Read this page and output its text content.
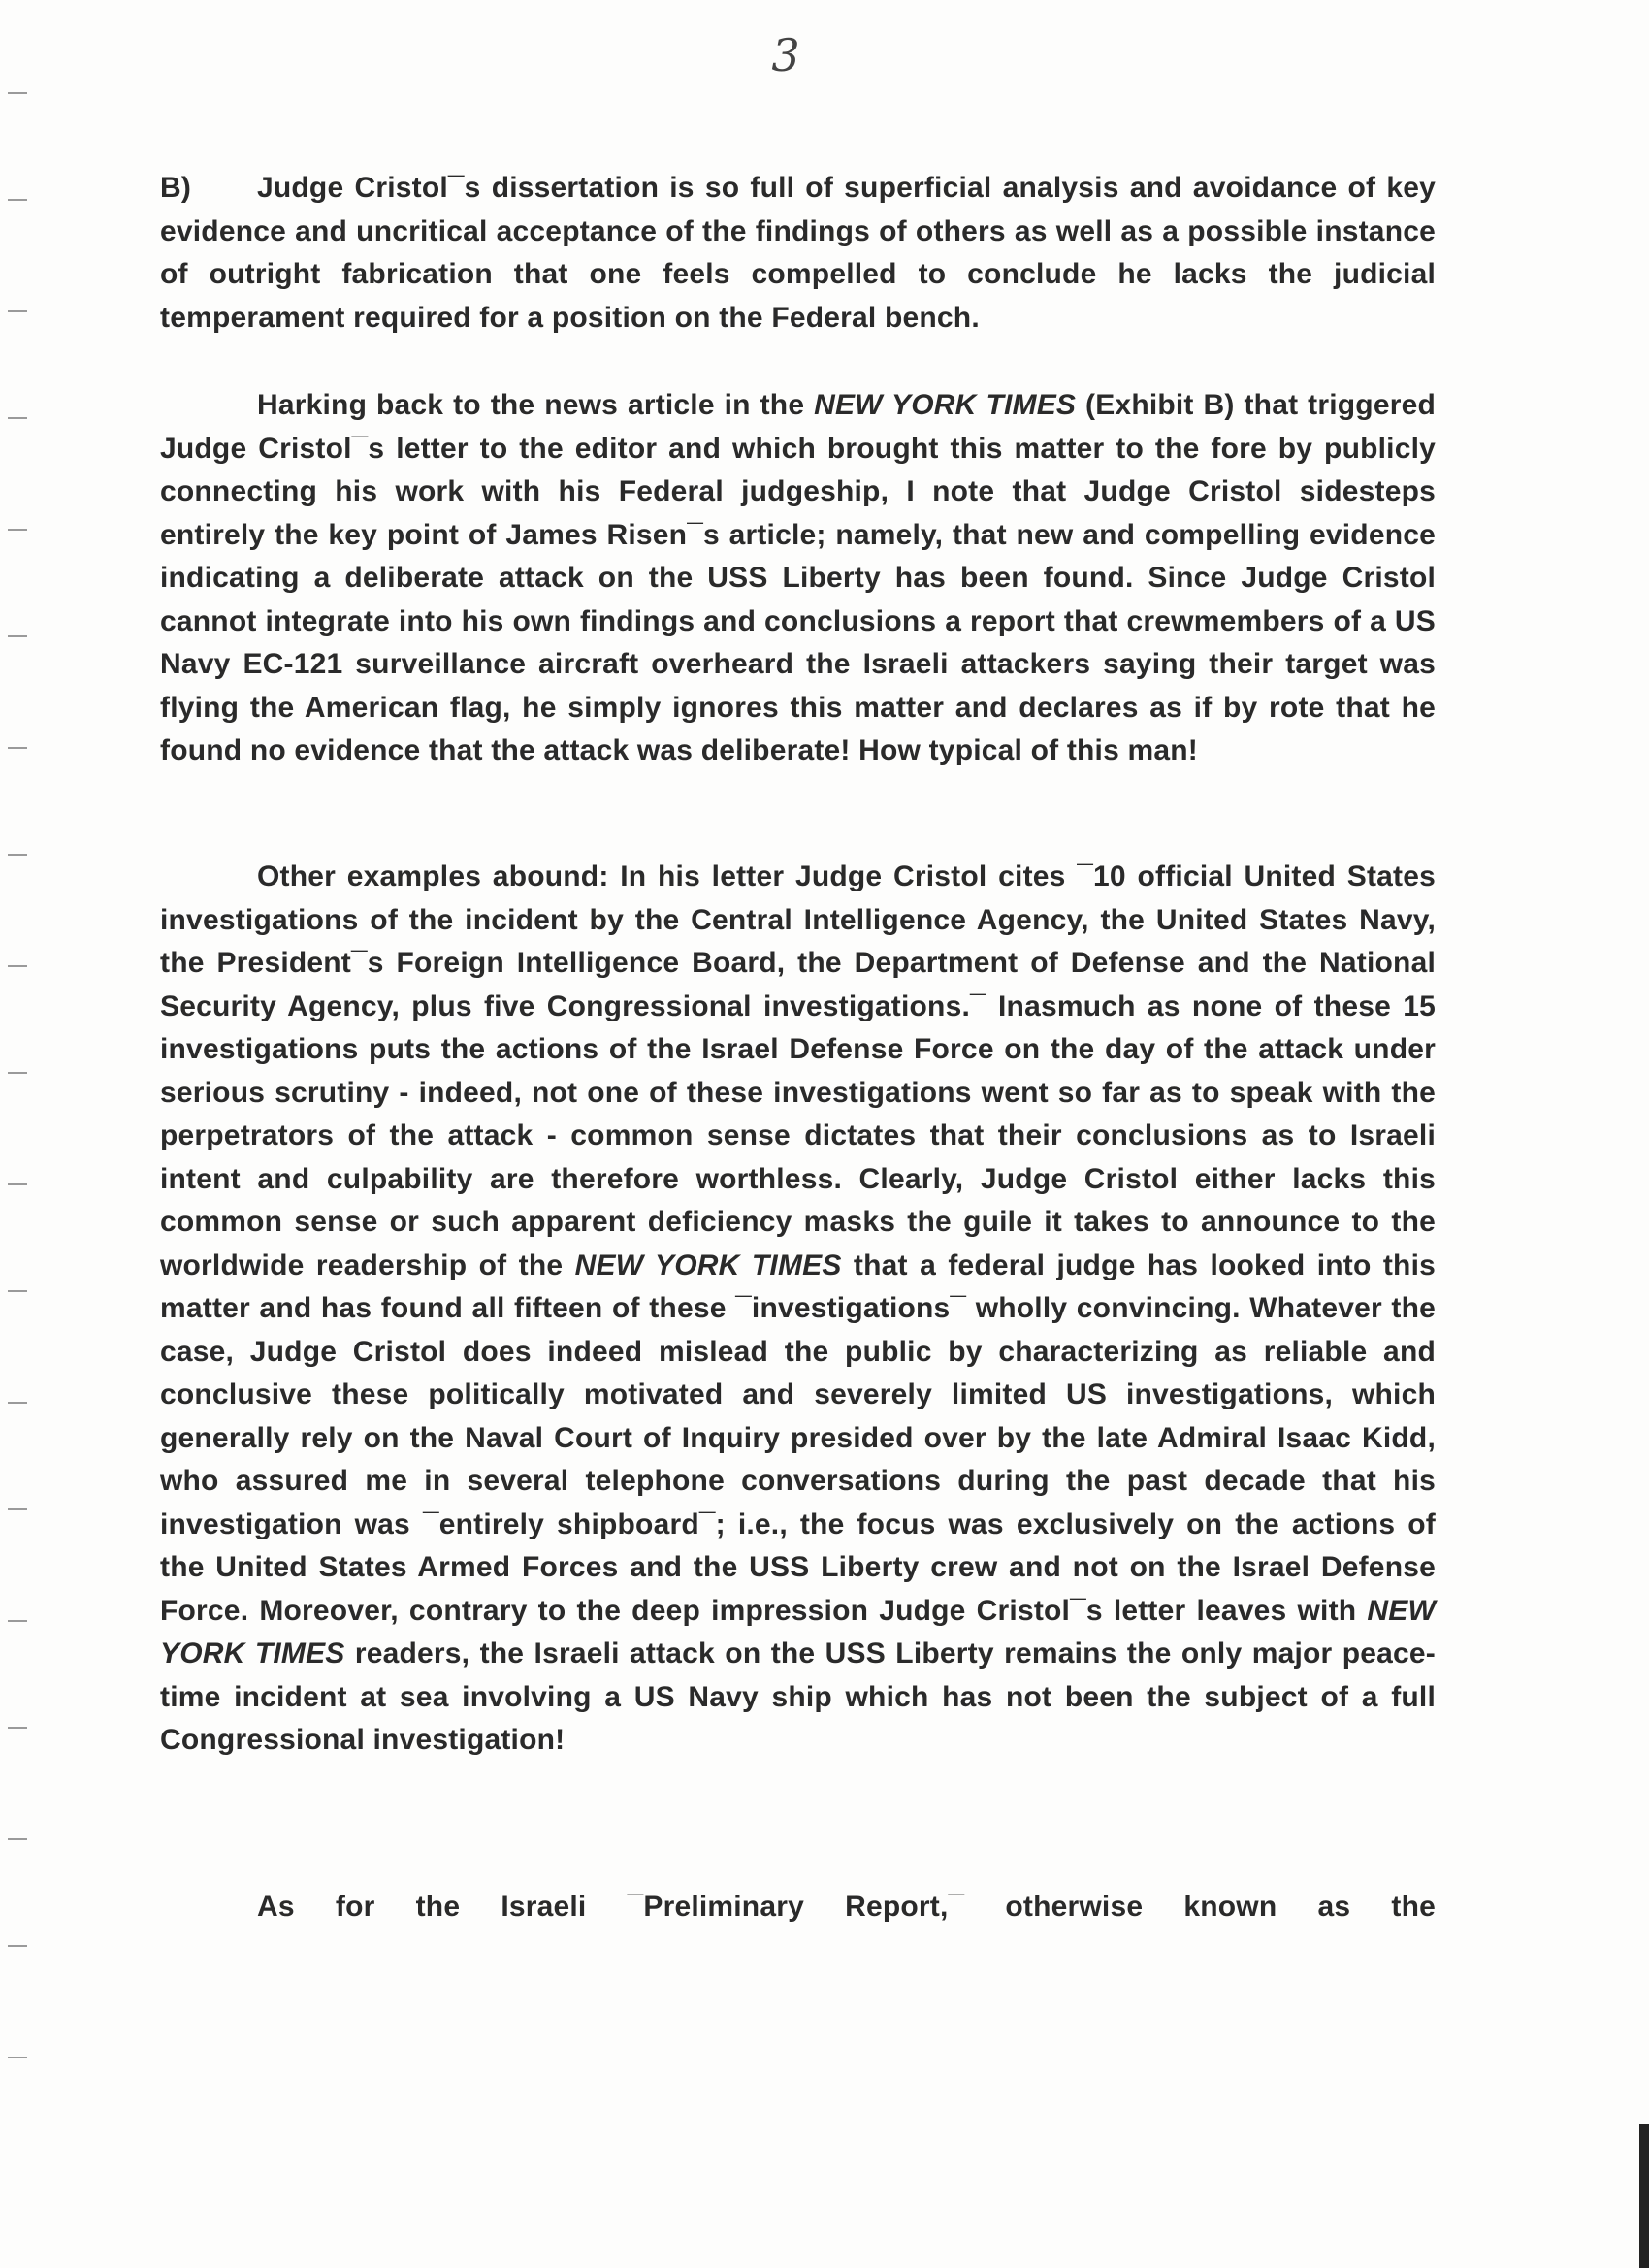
3

B) Judge Cristol¯s dissertation is so full of superficial analysis and avoidance of key evidence and uncritical acceptance of the findings of others as well as a possible instance of outright fabrication that one feels compelled to conclude he lacks the judicial temperament required for a position on the Federal bench.

Harking back to the news article in the NEW YORK TIMES (Exhibit B) that triggered Judge Cristol¯s letter to the editor and which brought this matter to the fore by publicly connecting his work with his Federal judgeship, I note that Judge Cristol sidesteps entirely the key point of James Risen¯s article; namely, that new and compelling evidence indicating a deliberate attack on the USS Liberty has been found. Since Judge Cristol cannot integrate into his own findings and conclusions a report that crewmembers of a US Navy EC-121 surveillance aircraft overheard the Israeli attackers saying their target was flying the American flag, he simply ignores this matter and declares as if by rote that he found no evidence that the attack was deliberate! How typical of this man!

Other examples abound: In his letter Judge Cristol cites ¯10 official United States investigations of the incident by the Central Intelligence Agency, the United States Navy, the President¯s Foreign Intelligence Board, the Department of Defense and the National Security Agency, plus five Congressional investigations.¯ Inasmuch as none of these 15 investigations puts the actions of the Israel Defense Force on the day of the attack under serious scrutiny - indeed, not one of these investigations went so far as to speak with the perpetrators of the attack - common sense dictates that their conclusions as to Israeli intent and culpability are therefore worthless. Clearly, Judge Cristol either lacks this common sense or such apparent deficiency masks the guile it takes to announce to the worldwide readership of the NEW YORK TIMES that a federal judge has looked into this matter and has found all fifteen of these ¯investigations¯ wholly convincing. Whatever the case, Judge Cristol does indeed mislead the public by characterizing as reliable and conclusive these politically motivated and severely limited US investigations, which generally rely on the Naval Court of Inquiry presided over by the late Admiral Isaac Kidd, who assured me in several telephone conversations during the past decade that his investigation was ¯entirely shipboard¯; i.e., the focus was exclusively on the actions of the United States Armed Forces and the USS Liberty crew and not on the Israel Defense Force. Moreover, contrary to the deep impression Judge Cristol¯s letter leaves with NEW YORK TIMES readers, the Israeli attack on the USS Liberty remains the only major peace-time incident at sea involving a US Navy ship which has not been the subject of a full Congressional investigation!

As for the Israeli ¯Preliminary Report,¯ otherwise known as the
